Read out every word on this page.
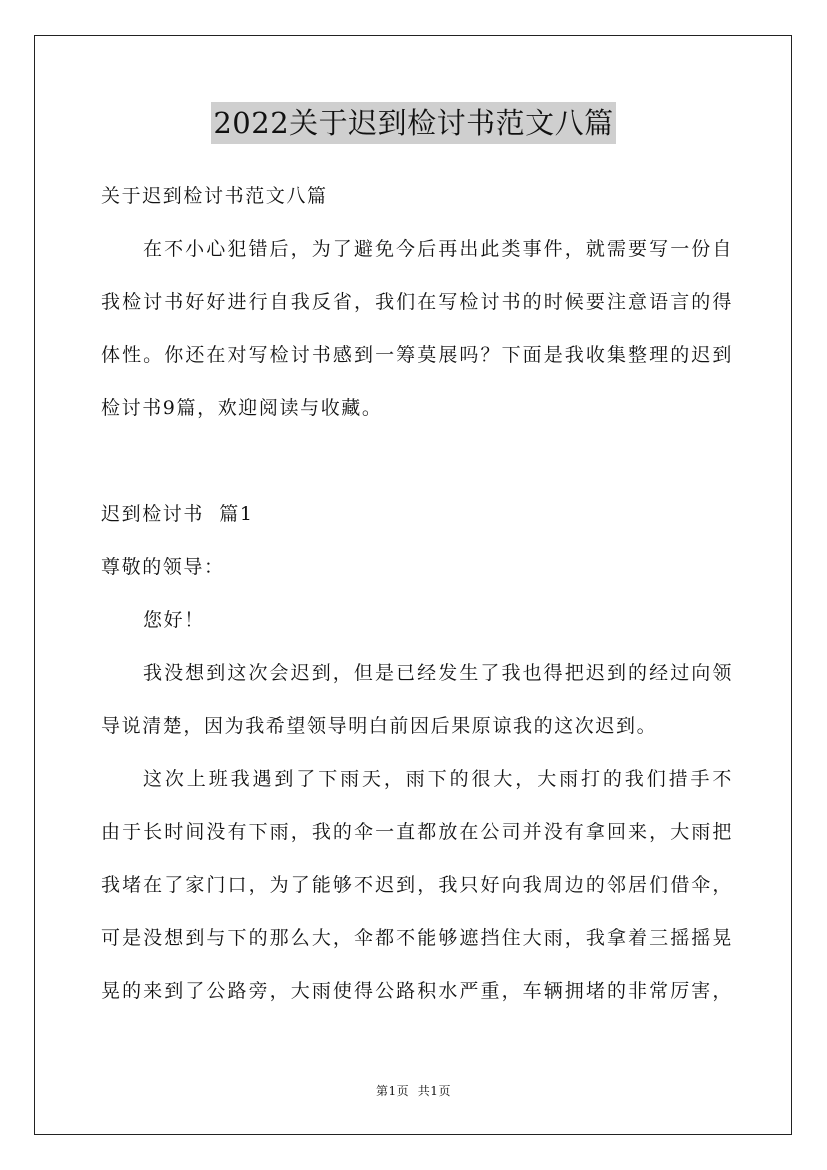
2022关于迟到检讨书范文八篇

关于迟到检讨书范文八篇

在不小心犯错后，为了避免今后再出此类事件，就需要写一份自

我检讨书好好进行自我反省，我们在写检讨书的时候要注意语言的得

体性。你还在对写检讨书感到一筹莫展吗？下面是我收集整理的迟到

检讨书9篇，欢迎阅读与收藏。

迟到检讨书  篇1

尊敬的领导：

您好！

我没想到这次会迟到，但是已经发生了我也得把迟到的经过向领

导说清楚，因为我希望领导明白前因后果原谅我的这次迟到。

这次上班我遇到了下雨天，雨下的很大，大雨打的我们措手不

由于长时间没有下雨，我的伞一直都放在公司并没有拿回来，大雨把

我堵在了家门口，为了能够不迟到，我只好向我周边的邻居们借伞，

可是没想到与下的那么大，伞都不能够遮挡住大雨，我拿着三摇摇晃

晃的来到了公路旁，大雨使得公路积水严重，车辆拥堵的非常厉害，

第1页  共1页
